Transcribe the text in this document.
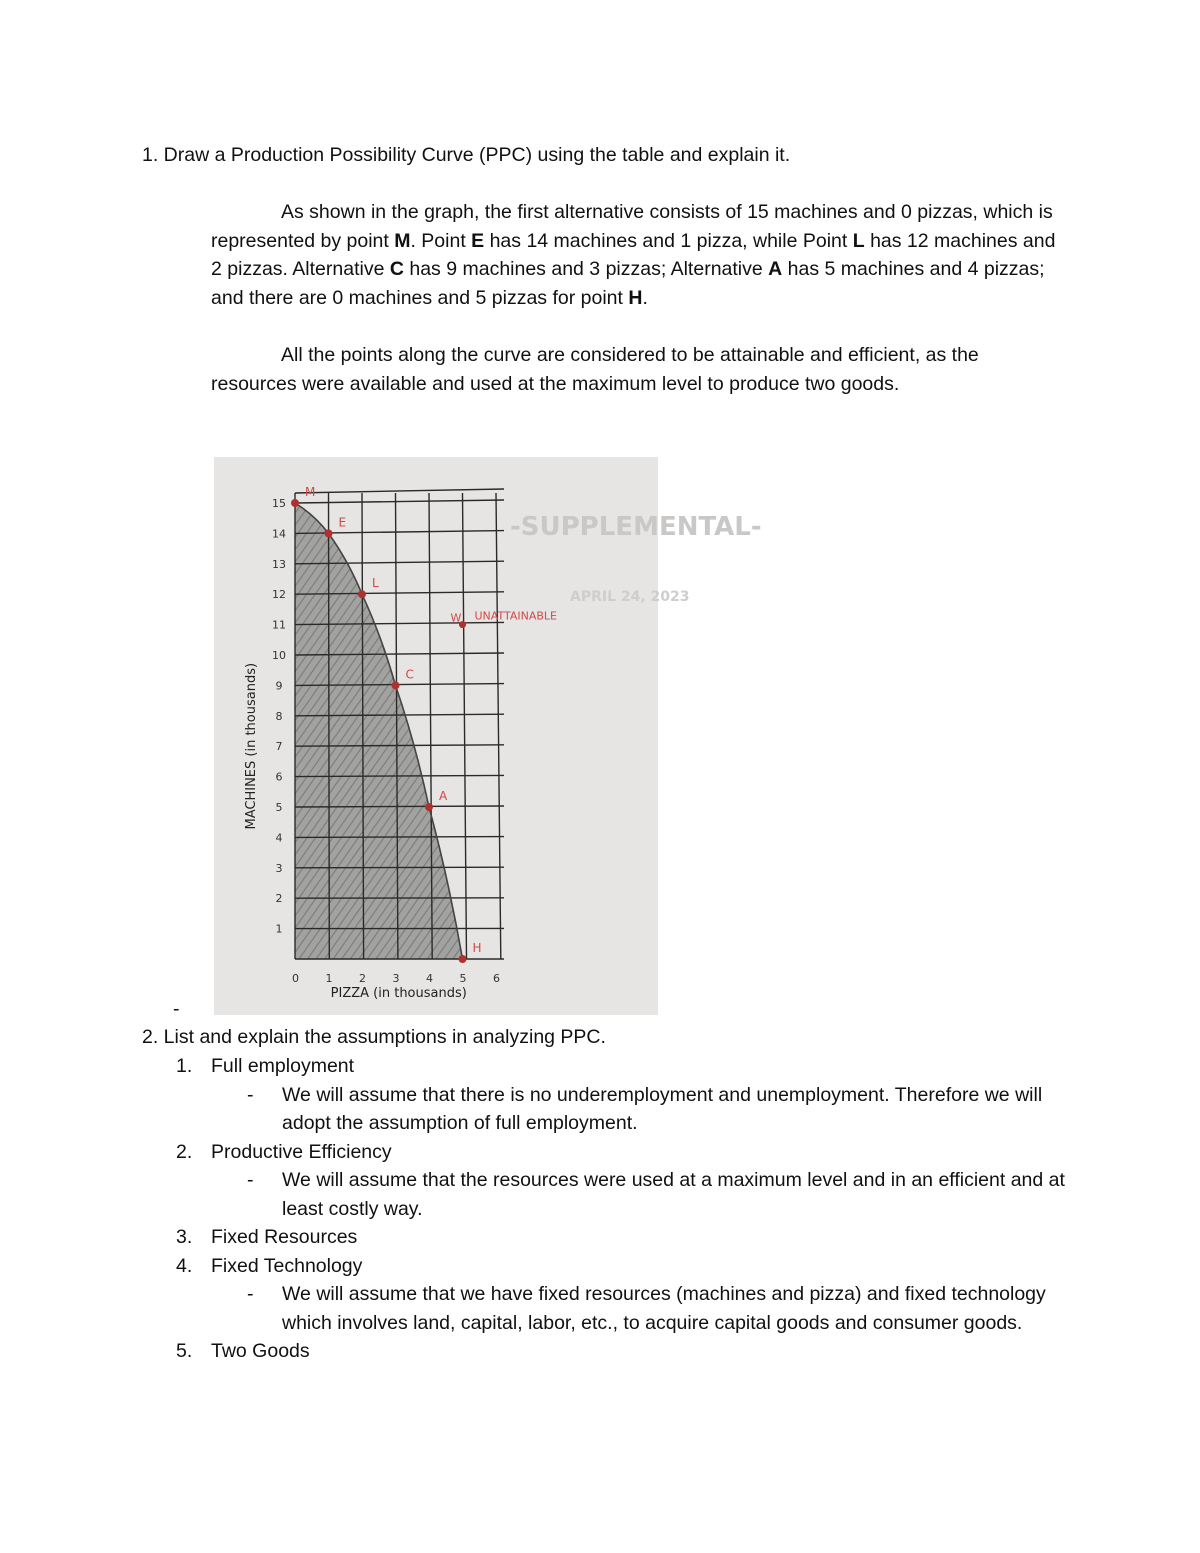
1. Draw a Production Possibility Curve (PPC) using the table and explain it.

As shown in the graph, the first alternative consists of 15 machines and 0 pizzas, which is represented by point M. Point E has 14 machines and 1 pizza, while Point L has 12 machines and 2 pizzas. Alternative C has 9 machines and 3 pizzas; Alternative A has 5 machines and 4 pizzas; and there are 0 machines and 5 pizzas for point H.

All the points along the curve are considered to be attainable and efficient, as the resources were available and used at the maximum level to produce two goods.

-SUPPLEMENTAL-
APRIL 24, 2023
0 1 2 3 4 5 6
1
2
3
4
5
6
7
8
9
10
11
12
13
14
15
PIZZA (in thousands)
MACHINES (in thousands)
M
E
L
C
A
H
W UNATTAINABLE
-
2. List and explain the assumptions in analyzing PPC.
1. Full employment
- We will assume that there is no underemployment and unemployment. Therefore we will adopt the assumption of full employment.
2. Productive Efficiency
- We will assume that the resources were used at a maximum level and in an efficient and at least costly way.
3. Fixed Resources
4. Fixed Technology
- We will assume that we have fixed resources (machines and pizza) and fixed technology which involves land, capital, labor, etc., to acquire capital goods and consumer goods.
5. Two Goods
